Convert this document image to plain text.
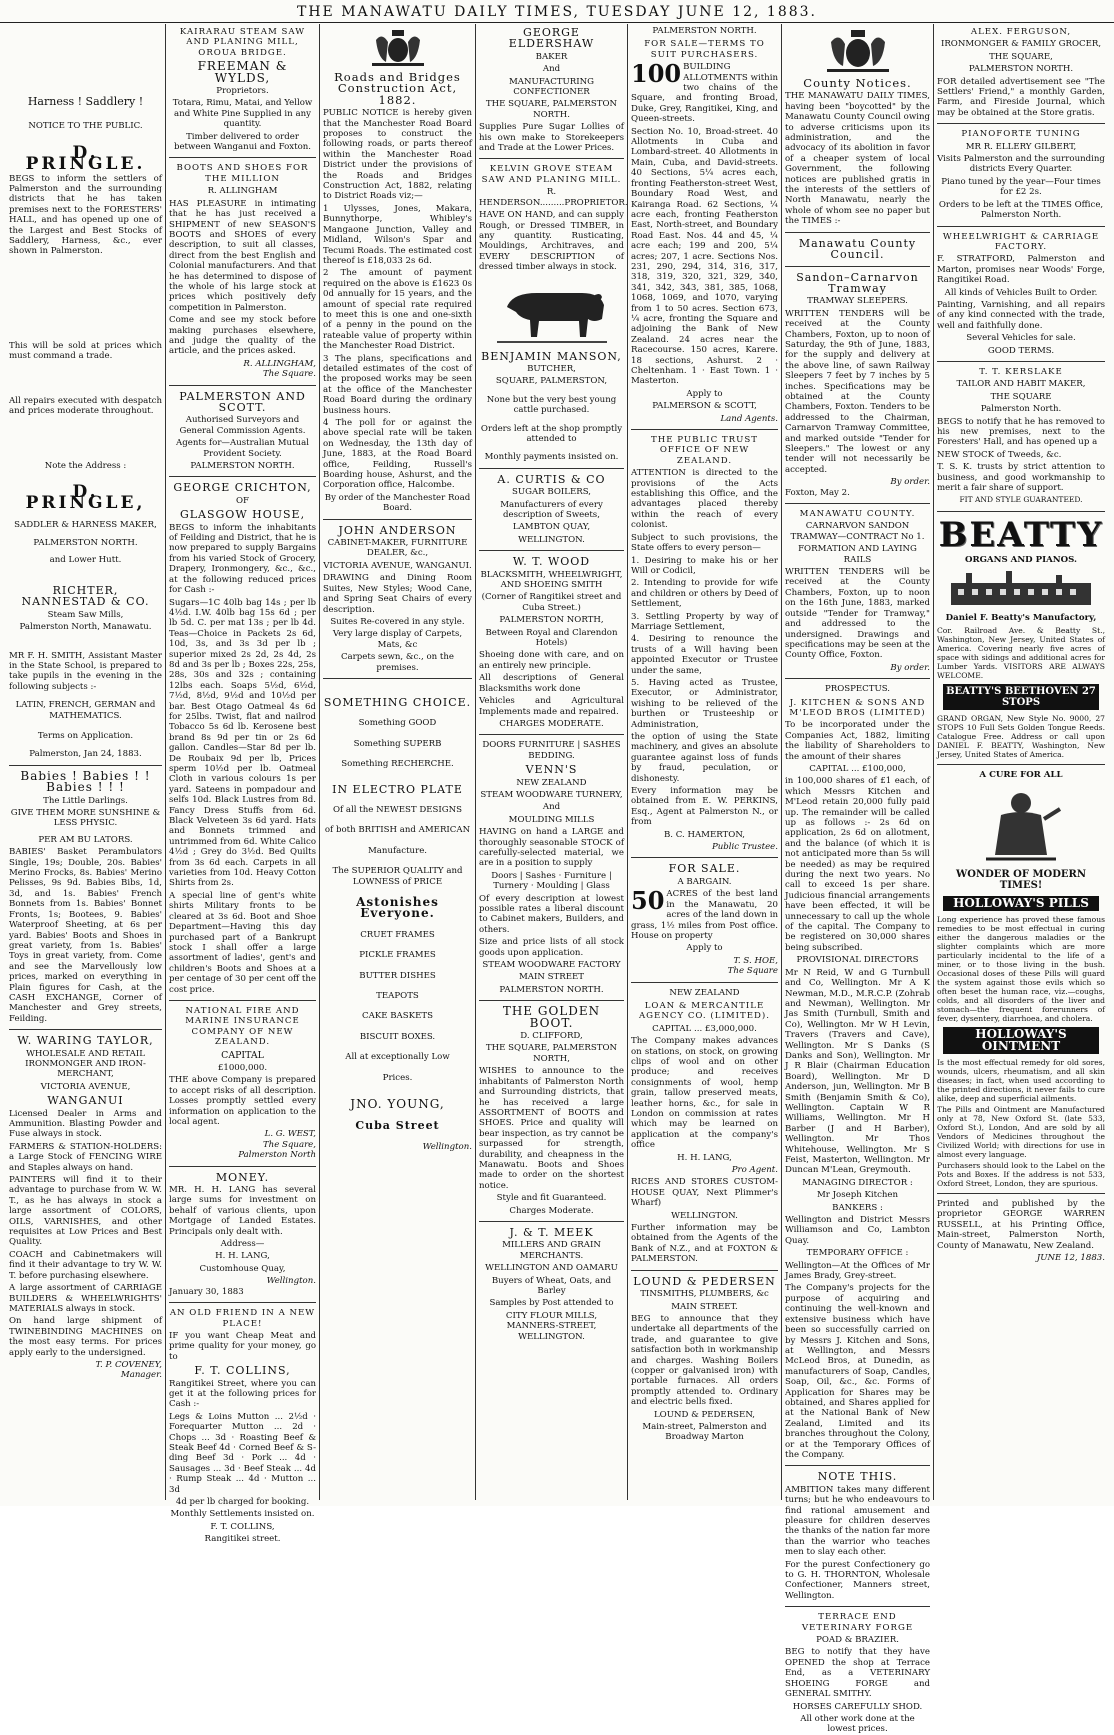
THE MANAWATU DAILY TIMES, TUESDAY JUNE 12, 1883.
Harness ! Saddlery !
NOTICE TO THE PUBLIC.
D. PRINGLE.

BEGS to inform the settlers of Palmerston and the surrounding districts that he has taken premises next to the FORESTERS' HALL, and has opened up one of the Largest and Best Stocks of Saddlery, Harness, &c., ever shown in Palmerston.

This will be sold at prices which must command a trade.

All repairs executed with despatch and prices moderate throughout.

Note the Address :
D. PRINGLE,
SADDLER & HARNESS MAKER,
PALMERSTON NORTH.
and Lower Hutt.
RICHTER, NANNESTAD & CO.
Steam Saw Mills,
Palmerston North, Manawatu.

MR F. H. SMITH, Assistant Master in the State School, is prepared to take pupils in the evening in the following subjects :-

LATIN, FRENCH, GERMAN and MATHEMATICS.
Terms on Application.
Palmerston, Jan 24, 1883.
Babies ! Babies ! ! Babies ! ! !
The Little Darlings.
GIVE THEM MORE SUNSHINE & LESS PHYSIC.
PER AM BU LATORS.

BABIES' Basket Perambulators Single, 19s; Double, 20s. Babies' Merino Frocks, 8s. Babies' Merino Pelisses, 9s 9d. Babies Bibs, 1d, 3d, and 1s. Babies' French Bonnets from 1s. Babies' Bonnet Fronts, 1s; Bootees, 9. Babies' Waterproof Sheeting, at 6s per yard. Babies' Boots and Shoes in great variety, from 1s. Babies' Toys in great variety, from. Come and see the Marvellously low prices, marked on everything in Plain figures for Cash, at the CASH EXCHANGE, Corner of Manchester and Grey streets, Feilding.

W. WARING TAYLOR,
WHOLESALE AND RETAIL IRONMONGER AND IRON-MERCHANT,
VICTORIA AVENUE,
WANGANUI

Licensed Dealer in Arms and Ammunition. Blasting Powder and Fuse always in stock.

FARMERS & STATION-HOLDERS: a Large Stock of FENCING WIRE and Staples always on hand.

PAINTERS will find it to their advantage to purchase from W. W. T., as he has always in stock a large assortment of COLORS, OILS, VARNISHES, and other requisites at Low Prices and Best Quality.

COACH and Cabinetmakers will find it their advantage to try W. W. T. before purchasing elsewhere.

A large assortment of CARRIAGE BUILDERS & WHEELWRIGHTS' MATERIALS always in stock.

On hand large shipment of TWINEBINDING MACHINES on the most easy terms. For prices apply early to the undersigned.

T. P. COVENEY,
Manager.
KAIRARAU STEAM SAW AND PLANING MILL, OROUA BRIDGE.
FREEMAN & WYLDS,
Proprietors.
Totara, Rimu, Matai, and Yellow and White Pine Supplied in any quantity.
Timber delivered to order between Wanganui and Foxton.
BOOTS AND SHOES FOR THE MILLION
R. ALLINGHAM

HAS PLEASURE in intimating that he has just received a SHIPMENT of new SEASON'S BOOTS and SHOES of every description, to suit all classes, direct from the best English and Colonial manufacturers. And that he has determined to dispose of the whole of his large stock at prices which positively defy competition in Palmerston.

Come and see my stock before making purchases elsewhere, and judge the quality of the article, and the prices asked.

R. ALLINGHAM,
The Square.
PALMERSTON AND SCOTT.
Authorised Surveyors and General Commission Agents.
Agents for—Australian Mutual Provident Society.
PALMERSTON NORTH.
GEORGE CRICHTON,
OF
GLASGOW HOUSE,

BEGS to inform the inhabitants of Feilding and District, that he is now prepared to supply Bargains from his varied Stock of Grocery, Drapery, Ironmongery, &c., &c., at the following reduced prices for Cash :-

Sugars—1C 40lb bag 14s ; per lb 4½d. I.W. 40lb bag 15s 6d ; per lb 5d. C. per mat 13s ; per lb 4d. Teas—Choice in Packets 2s 6d, 10d, 3s, and 3s 3d per lb ; superior mixed 2s 2d, 2s 4d, 2s 8d and 3s per lb ; Boxes 22s, 25s, 28s, 30s and 32s ; containing 12lbs each. Soaps 5½d, 6½d, 7½d, 8½d, 9½d and 10½d per bar. Best Otago Oatmeal 4s 6d for 25lbs. Twist, flat and nailrod Tobacco 5s 6d lb. Kerosene best brand 8s 9d per tin or 2s 6d gallon. Candles—Star 8d per lb. De Roubaix 9d per lb, Prices sperm 10½d per lb. Oatmeal Cloth in various colours 1s per yard. Sateens in pompadour and selfs 10d. Black Lustres from 8d. Fancy Dress Stuffs from 6d. Black Velveteen 3s 6d yard. Hats and Bonnets trimmed and untrimmed from 6d. White Calico 4½d ; Grey do 3½d. Bed Quilts from 3s 6d each. Carpets in all varieties from 10d. Heavy Cotton Shirts from 2s.

A special line of gent's white shirts Military fronts to be cleared at 3s 6d. Boot and Shoe Department—Having this day purchased part of a Bankrupt stock I shall offer a large assortment of ladies', gent's and children's Boots and Shoes at a per centage of 30 per cent off the cost price.

NATIONAL FIRE AND MARINE INSURANCE COMPANY OF NEW ZEALAND.
CAPITAL
£1000,000.

THE above Company is prepared to accept risks of all description. Losses promptly settled every information on application to the local agent.

L. G. WEST,
The Square,
Palmerston North
MONEY.

MR. H. H. LANG has several large sums for investment on behalf of various clients, upon Mortgage of Landed Estates. Principals only dealt with.

Address—
H. H. LANG,
Customhouse Quay,
Wellington.
January 30, 1883
AN OLD FRIEND IN A NEW PLACE!

IF you want Cheap Meat and prime quality for your money, go to

F. T. COLLINS,

Rangitikei Street, where you can get it at the following prices for Cash :-

Legs & Loins Mutton ... 2½d · Forequarter Mutton ... 2d · Chops ... 3d · Roasting Beef & Steak Beef 4d · Corned Beef & S-ding Beef 3d · Pork ... 4d · Sausages ... 3d · Beef Steak ... 4d · Rump Steak ... 4d · Mutton ... 3d

4d per lb charged for booking.
Monthly Settlements insisted on.
F. T. COLLINS,
Rangitikei street.
Roads and Bridges Construction Act, 1882.

PUBLIC NOTICE is hereby given that the Manchester Road Board proposes to construct the following roads, or parts thereof within the Manchester Road District under the provisions of the Roads and Bridges Construction Act, 1882, relating to District Roads viz;—

1 Ulysses, Jones, Makara, Bunnythorpe, Whibley's Mangaone Junction, Valley and Midland, Wilson's Spar and Tecumi Roads. The estimated cost thereof is £18,033 2s 6d.

2 The amount of payment required on the above is £1623 0s 0d annually for 15 years, and the amount of special rate required to meet this is one and one-sixth of a penny in the pound on the rateable value of property within the Manchester Road District.

3 The plans, specifications and detailed estimates of the cost of the proposed works may be seen at the office of the Manchester Road Board during the ordinary business hours.

4 The poll for or against the above special rate will be taken on Wednesday, the 13th day of June, 1883, at the Road Board office, Feilding, Russell's Boarding house, Ashurst, and the Corporation office, Halcombe.

By order of the Manchester Road Board.
JOHN ANDERSON
CABINET-MAKER, FURNITURE DEALER, &c.,
VICTORIA AVENUE, WANGANUI.

DRAWING and Dining Room Suites, New Styles; Wood Cane, and Spring Seat Chairs of every description.

Suites Re-covered in any style.
Very large display of Carpets, Mats, &c
Carpets sewn, &c., on the premises.
SOMETHING CHOICE.
Something GOOD
Something SUPERB
Something RECHERCHE.
IN ELECTRO PLATE
Of all the NEWEST DESIGNS
of both BRITISH and AMERICAN
Manufacture.
The SUPERIOR QUALITY and LOWNESS of PRICE
Astonishes Everyone.
CRUET FRAMES
PICKLE FRAMES
BUTTER DISHES
TEAPOTS
CAKE BASKETS
BISCUIT BOXES.
All at exceptionally Low
Prices.
JNO. YOUNG,
Cuba Street
Wellington.
GEORGE ELDERSHAW
BAKER
And
MANUFACTURING CONFECTIONER
THE SQUARE, PALMERSTON NORTH.

Supplies Pure Sugar Lollies of his own make to Storekeepers and Trade at the Lower Prices.

KELVIN GROVE STEAM SAW AND PLANING MILL.
R. HENDERSON.........PROPRIETOR.

HAVE ON HAND, and can supply Rough, or Dressed TIMBER, in any quantity. Rusticating, Mouldings, Architraves, and EVERY DESCRIPTION of dressed timber always in stock.

BENJAMIN MANSON,
BUTCHER,
SQUARE, PALMERSTON,
None but the very best young cattle purchased.
Orders left at the shop promptly attended to
Monthly payments insisted on.
A. CURTIS & CO
SUGAR BOILERS,
Manufacturers of every description of Sweets,
LAMBTON QUAY,
WELLINGTON.
W. T. WOOD
BLACKSMITH, WHEELWRIGHT, AND SHOEING SMITH
(Corner of Rangitikei street and Cuba Street.)
PALMERSTON NORTH,
Between Royal and Clarendon Hotels)

Shoeing done with care, and on an entirely new principle.

All descriptions of General Blacksmiths work done

Vehicles and Agricultural Implements made and repaired.

CHARGES MODERATE.
DOORS FURNITURE | SASHES BEDDING.
VENN'S
NEW ZEALAND
STEAM WOODWARE TURNERY,
And
MOULDING MILLS

HAVING on hand a LARGE and thoroughly seasonable STOCK of carefully-selected material, we are in a position to supply

Doors | Sashes · Furniture | Turnery · Moulding | Glass

Of every description at lowest possible rates a liberal discount to Cabinet makers, Builders, and others.

Size and price lists of all stock goods upon application.

STEAM WOODWARE FACTORY
MAIN STREET
PALMERSTON NORTH.
THE GOLDEN BOOT.
D. CLIFFORD,
THE SQUARE, PALMERSTON NORTH,

WISHES to announce to the inhabitants of Palmerston North and Surrounding districts, that he has received a large ASSORTMENT of BOOTS and SHOES. Price and quality will bear inspection, as try cannot be surpassed for strength, durability, and cheapness in the Manawatu. Boots and Shoes made to order on the shortest notice.

Style and fit Guaranteed.
Charges Moderate.
J. & T. MEEK
MILLERS AND GRAIN MERCHANTS.
WELLINGTON AND OAMARU
Buyers of Wheat, Oats, and Barley
Samples by Post attended to
CITY FLOUR MILLS, MANNERS-STREET, WELLINGTON.
PALMERSTON NORTH.
FOR SALE—TERMS TO SUIT PURCHASERS.
100 BUILDING ALLOTMENTS within two chains of the Square, and fronting Broad, Duke, Grey, Rangitikei, King, and Queen-streets.

Section No. 10, Broad-street. 40 Allotments in Cuba and Lombard-street. 40 Allotments in Main, Cuba, and David-streets. 40 Sections, 5¼ acres each, fronting Featherston-street West, Boundary Road West, and Kairanga Road. 62 Sections, ¼ acre each, fronting Featherston East, North-street, and Boundary Road East. Nos. 44 and 45, ¼ acre each; 199 and 200, 5¼ acres; 207, 1 acre. Sections Nos. 231, 290, 294, 314, 316, 317, 318, 319, 320, 321, 329, 340, 341, 342, 343, 381, 385, 1068, 1068, 1069, and 1070, varying from 1 to 50 acres. Section 673, ¼ acre, fronting the Square and adjoining the Bank of New Zealand. 24 acres near the Racecourse. 150 acres, Karere. 18 sections, Ashurst. 2 · Cheltenham. 1 · East Town. 1 · Masterton.

Apply to
PALMERSON & SCOTT,
Land Agents.
THE PUBLIC TRUST OFFICE OF NEW ZEALAND.

ATTENTION is directed to the provisions of the Acts establishing this Office, and the advantages placed thereby within the reach of every colonist.

Subject to such provisions, the State offers to every person—

1. Desiring to make his or her Will or Codicil,

2. Intending to provide for wife and children or others by Deed of Settlement,

3. Settling Property by way of Marriage Settlement,

4. Desiring to renounce the trusts of a Will having been appointed Executor or Trustee under the same,

5. Having acted as Trustee, Executor, or Administrator, wishing to be relieved of the burthen or Trusteeship or Administration,

the option of using the State machinery, and gives an absolute guarantee against loss of funds by fraud, peculation, or dishonesty.

Every information may be obtained from E. W. PERKINS, Esq., Agent at Palmerston N., or from

B. C. HAMERTON,
Public Trustee.
FOR SALE.
A BARGAIN.
50 ACRES of the best land in the Manawatu, 20 acres of the land down in grass, 1½ miles from Post office. House on property

Apply to
T. S. HOE,
The Square
NEW ZEALAND
LOAN & MERCANTILE AGENCY CO. (LIMITED).
CAPITAL ... £3,000,000.

The Company makes advances on stations, on stock, on growing clips of wool and on other produce; and receives consignments of wool, hemp grain, tallow preserved meats, leather horns, &c., for sale in London on commission at rates which may be learned on application at the company's office

H. H. LANG,
Pro Agent.

RICES AND STORES CUSTOM-HOUSE QUAY, Next Plimmer's Wharf)

WELLINGTON.

Further information may be obtained from the Agents of the Bank of N.Z., and at FOXTON & PALMERSTON.

LOUND & PEDERSEN
TINSMITHS, PLUMBERS, &c
MAIN STREET.

BEG to announce that they undertake all departments of the trade, and guarantee to give satisfaction both in workmanship and charges. Washing Boilers (copper or galvanised iron) with portable furnaces. All orders promptly attended to. Ordinary and electric bells fixed.

LOUND & PEDERSEN,
Main-street, Palmerston and Broadway Marton
County Notices.

THE MANAWATU DAILY TIMES, having been "boycotted" by the Manawatu County Council owing to adverse criticisms upon its administration, and the advocacy of its abolition in favor of a cheaper system of local Government, the following notices are published gratis in the interests of the settlers of North Manawatu, nearly the whole of whom see no paper but the TIMES :-

Manawatu County Council.
Sandon–Carnarvon Tramway
TRAMWAY SLEEPERS.

WRITTEN TENDERS will be received at the County Chambers, Foxton, up to noon of Saturday, the 9th of June, 1883, for the supply and delivery at the above line, of sawn Railway Sleepers 7 feet by 7 inches by 5 inches. Specifications may be obtained at the County Chambers, Foxton. Tenders to be addressed to the Chairman, Carnarvon Tramway Committee, and marked outside "Tender for Sleepers." The lowest or any tender will not necessarily be accepted.

By order.
Foxton, May 2.
MANAWATU COUNTY.
CARNARVON SANDON TRAMWAY—CONTRACT No 1.
FORMATION AND LAYING RAILS

WRITTEN TENDERS will be received at the County Chambers, Foxton, up to noon on the 16th June, 1883, marked outside "Tender for Tramway," and addressed to the undersigned. Drawings and specifications may be seen at the County Office, Foxton.

By order.
PROSPECTUS.
J. KITCHEN & SONS AND M'LEOD BROS (LIMITED)

To be incorporated under the Companies Act, 1882, limiting the liability of Shareholders to the amount of their shares

CAPITAL ... £100,000,

in 100,000 shares of £1 each, of which Messrs Kitchen and M'Leod retain 20,000 fully paid up. The remainder will be called up as follows :- 2s 6d on application, 2s 6d on allotment, and the balance (of which it is not anticipated more than 5s will be needed) as may be required during the next two years. No call to exceed 1s per share. Judicious financial arrangements have been effected, it will be unnecessary to call up the whole of the capital. The Company to be registered on 30,000 shares being subscribed.

PROVISIONAL DIRECTORS

Mr N Reid, W and G Turnbull and Co, Wellington. Mr A K Newman, M.D., M.R.C.P. (Zohrab and Newman), Wellington. Mr Jas Smith (Turnbull, Smith and Co), Wellington. Mr W H Levin, Travers (Travers and Cave), Wellington. Mr S Danks (S Danks and Son), Wellington. Mr J R Blair (Chairman Education Board), Wellington. Mr D Anderson, jun, Wellington. Mr B Smith (Benjamin Smith & Co), Wellington. Captain W R Williams, Wellington. Mr H Barber (J and H Barber), Wellington. Mr Thos Whitehouse, Wellington. Mr S Feist, Masterton, Wellington. Mr Duncan M'Lean, Greymouth.

MANAGING DIRECTOR :
Mr Joseph Kitchen
BANKERS :

Wellington and District Messrs Williamson and Co, Lambton Quay.

TEMPORARY OFFICE :

Wellington—At the Offices of Mr James Brady, Grey-street.

The Company's projects for the purpose of acquiring and continuing the well-known and extensive business which have been so successfully carried on by Messrs J. Kitchen and Sons, at Wellington, and Messrs McLeod Bros, at Dunedin, as manufacturers of Soap, Candles, Soap, Oil, &c., &c. Forms of Application for Shares may be obtained, and Shares applied for at the National Bank of New Zealand, Limited and its branches throughout the Colony, or at the Temporary Offices of the Company.

NOTE THIS.

AMBITION takes many different turns; but he who endeavours to find rational amusement and pleasure for children deserves the thanks of the nation far more than the warrior who teaches men to slay each other.

For the purest Confectionery go to G. H. THORNTON, Wholesale Confectioner, Manners street, Wellington.

TERRACE END VETERINARY FORGE
POAD & BRAZIER.

BEG to notify that they have OPENED the shop at Terrace End, as a VETERINARY SHOEING FORGE and GENERAL SMITHY.

HORSES CAREFULLY SHOD.
All other work done at the lowest prices.
ALEX. FERGUSON,
IRONMONGER & FAMILY GROCER,
THE SQUARE,
PALMERSTON NORTH.

FOR detailed advertisement see "The Settlers' Friend," a monthly Garden, Farm, and Fireside Journal, which may be obtained at the Store gratis.

PIANOFORTE TUNING
MR R. ELLERY GILBERT,
Visits Palmerston and the surrounding districts Every Quarter.
Piano tuned by the year—Four times for £2 2s.
Orders to be left at the TIMES Office, Palmerston North.
WHEELWRIGHT & CARRIAGE FACTORY.

F. STRATFORD, Palmerston and Marton, promises near Woods' Forge, Rangitikei Road.

All kinds of Vehicles Built to Order.

Painting, Varnishing, and all repairs of any kind connected with the trade, well and faithfully done.

Several Vehicles for sale.
GOOD TERMS.
T. T. KERSLAKE
TAILOR AND HABIT MAKER,
THE SQUARE
Palmerston North.

BEGS to notify that he has removed to his new premises, next to the Foresters' Hall, and has opened up a

NEW STOCK of Tweeds, &c.

T. S. K. trusts by strict attention to business, and good workmanship to merit a fair share of support.

FIT AND STYLE GUARANTEED.
BEATTY
ORGANS AND PIANOS.
Daniel F. Beatty's Manufactory,

Cor. Railroad Ave. & Beatty St., Washington, New Jersey, United States of America. Covering nearly five acres of space with sidings and additional acres for Lumber Yards. VISITORS ARE ALWAYS WELCOME.

BEATTY'S BEETHOVEN 27 STOPS

GRAND ORGAN, New Style No. 9000, 27 STOPS 10 Full Sets Golden Tongue Reeds. Catalogue Free. Address or call upon DANIEL F. BEATTY, Washington, New Jersey, United States of America.

A CURE FOR ALL
WONDER OF MODERN TIMES!
HOLLOWAY'S PILLS

Long experience has proved these famous remedies to be most effectual in curing either the dangerous maladies or the slighter complaints which are more particularly incidental to the life of a miner, or to those living in the bush. Occasional doses of these Pills will guard the system against those evils which so often beset the human race, viz.—coughs, colds, and all disorders of the liver and stomach—the frequent forerunners of fever, dysentery, diarrhoea, and cholera.

HOLLOWAY'S OINTMENT

Is the most effectual remedy for old sores, wounds, ulcers, rheumatism, and all skin diseases; in fact, when used according to the printed directions, it never fails to cure alike, deep and superficial ailments.

The Pills and Ointment are Manufactured only at 78, New Oxford St. (late 533, Oxford St.), London, And are sold by all Vendors of Medicines throughout the Civilized World; with directions for use in almost every language.

Purchasers should look to the Label on the Pots and Boxes. If the address is not 533, Oxford Street, London, they are spurious.

Printed and published by the proprietor GEORGE WARREN RUSSELL, at his Printing Office, Main-street, Palmerston North, County of Manawatu, New Zealand.

JUNE 12, 1883.
